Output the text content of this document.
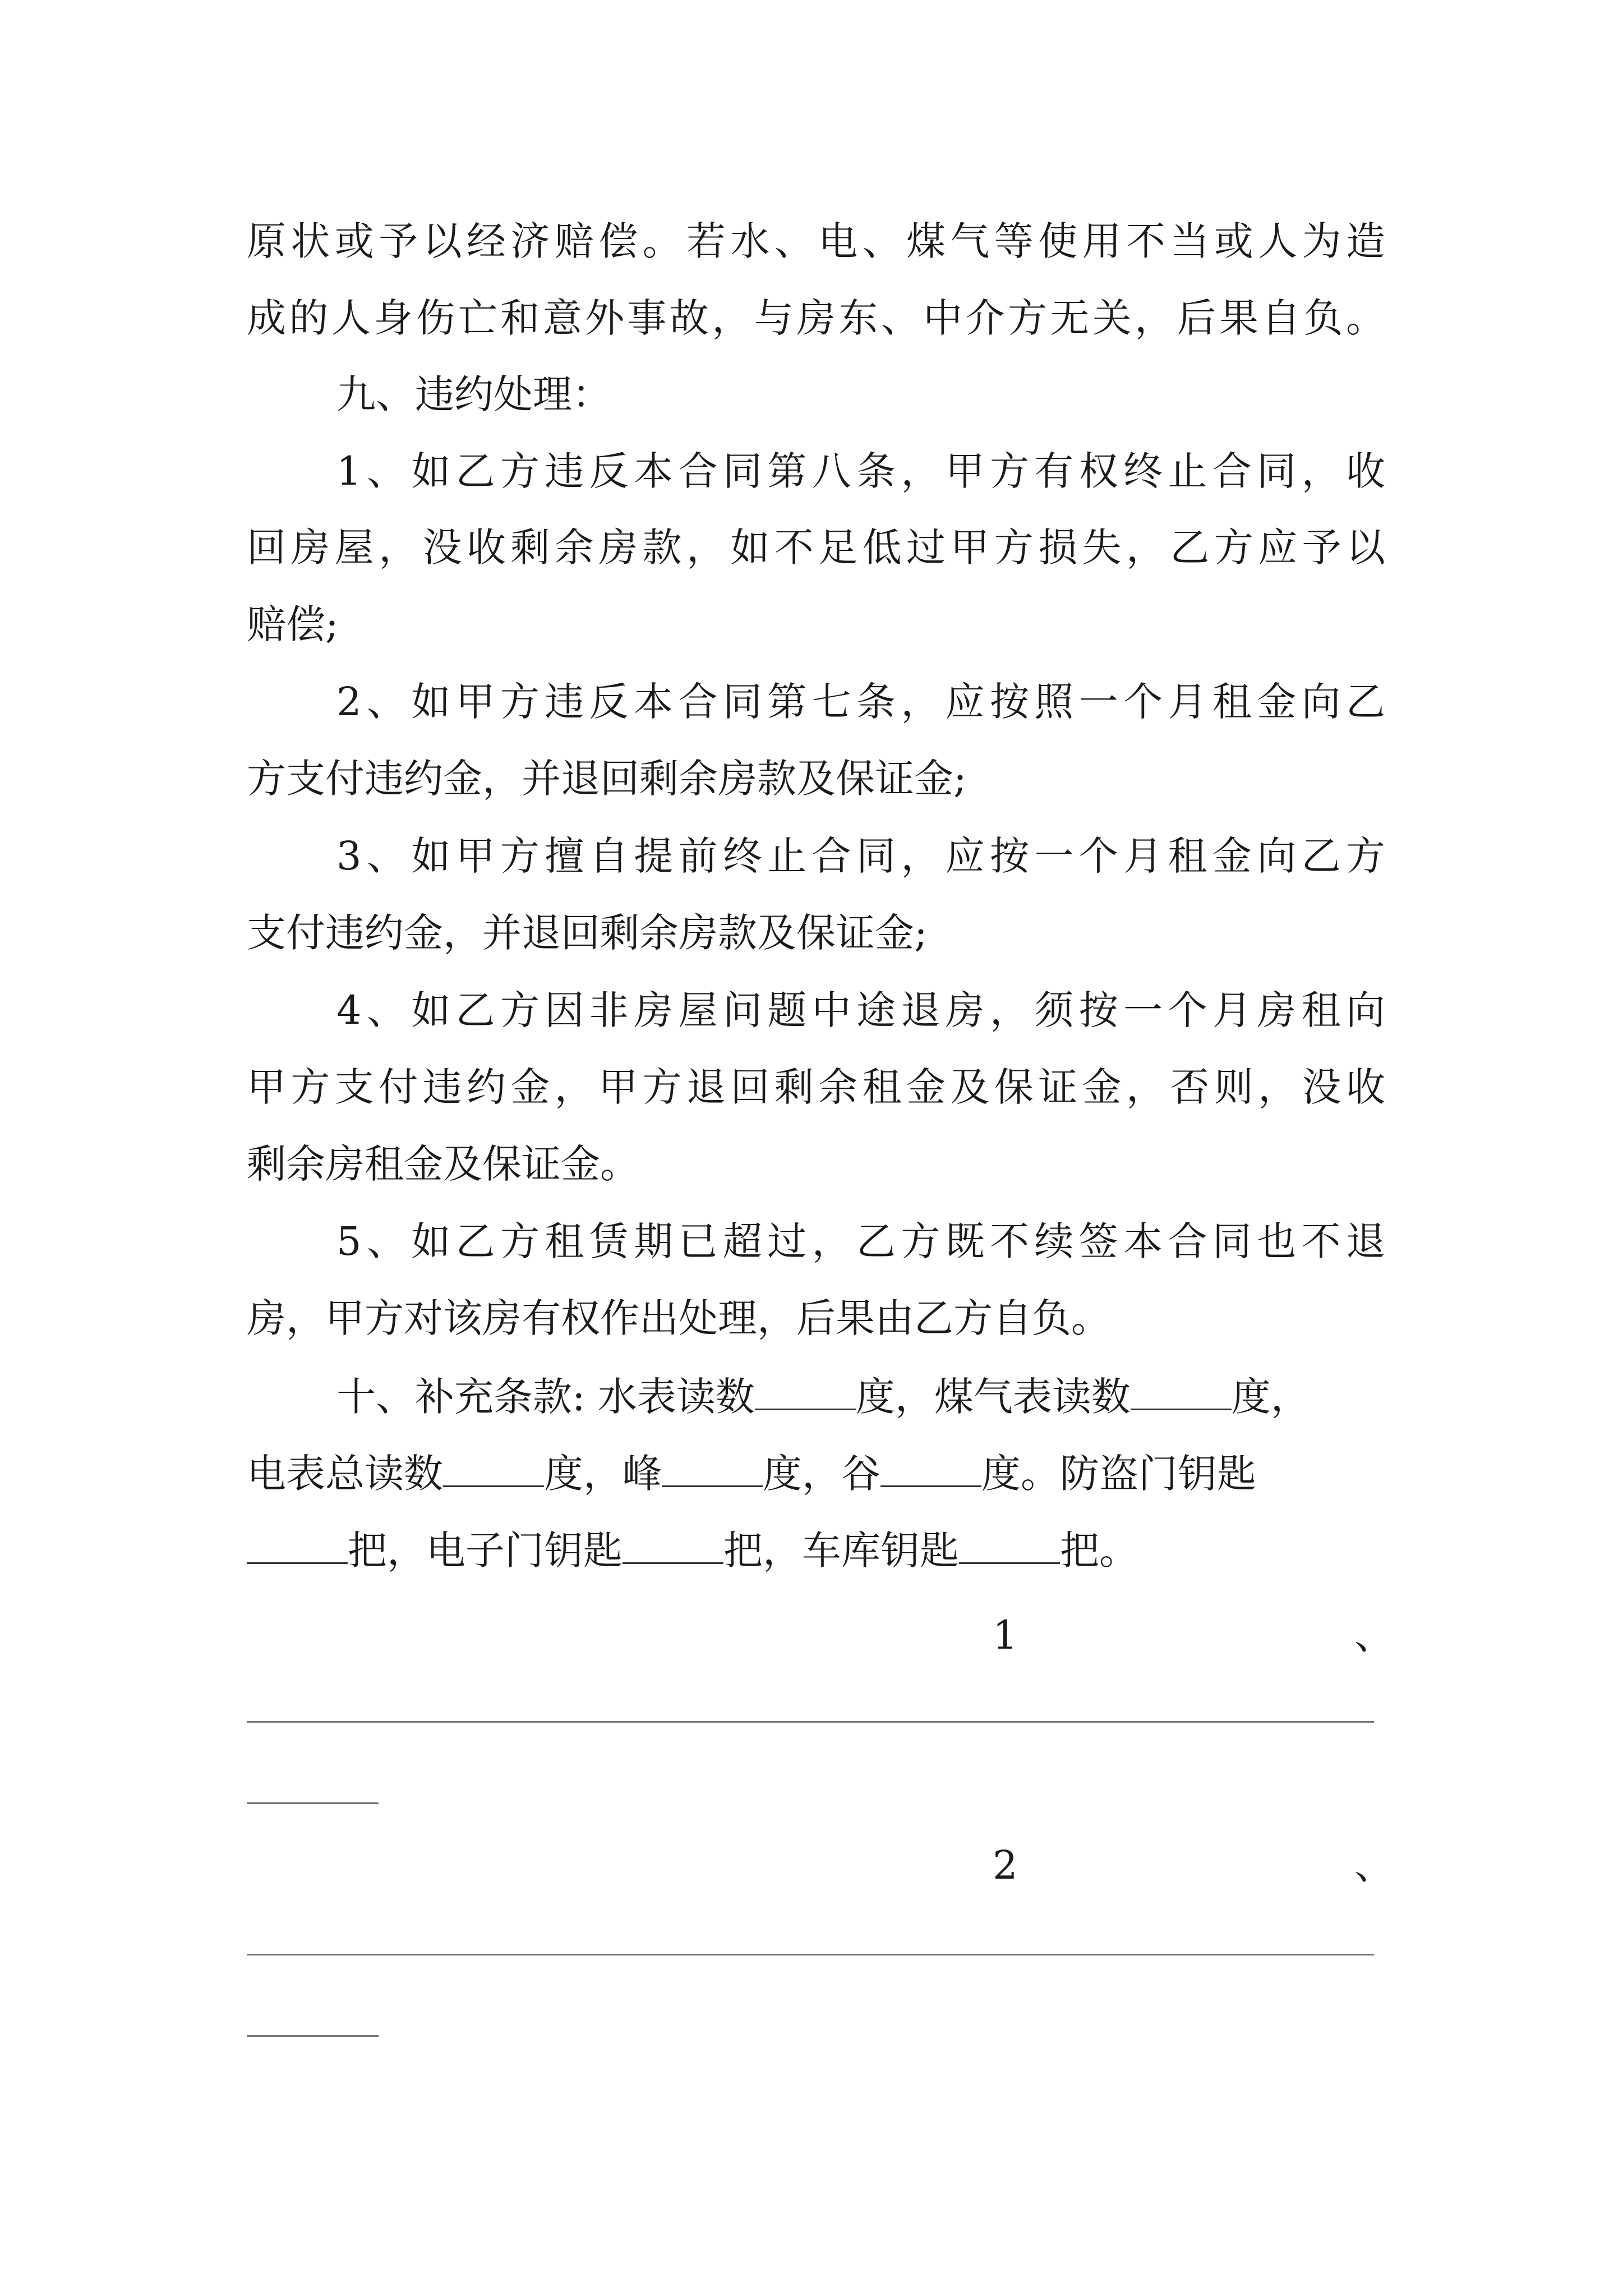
原状或予以经济赔偿。若水、电、煤气等使用不当或人为造
成的人身伤亡和意外事故，与房东、中介方无关，后果自负。
九、违约处理：
1、如乙方违反本合同第八条，甲方有权终止合同，收
回房屋，没收剩余房款，如不足低过甲方损失，乙方应予以
赔偿;
2、如甲方违反本合同第七条，应按照一个月租金向乙
方支付违约金，并退回剩余房款及保证金;
3、如甲方擅自提前终止合同，应按一个月租金向乙方
支付违约金，并退回剩余房款及保证金;
4、如乙方因非房屋问题中途退房，须按一个月房租向
甲方支付违约金，甲方退回剩余租金及保证金，否则，没收
剩余房租金及保证金。
5、如乙方租赁期已超过，乙方既不续签本合同也不退
房，甲方对该房有权作出处理，后果由乙方自负。
十、补充条款: 水表读数	度，煤气表读数	度，
电表总读数	度，峰	度，谷	度。防盗门钥匙
把，电子门钥匙	把，车库钥匙	把。
1	、
2	、
